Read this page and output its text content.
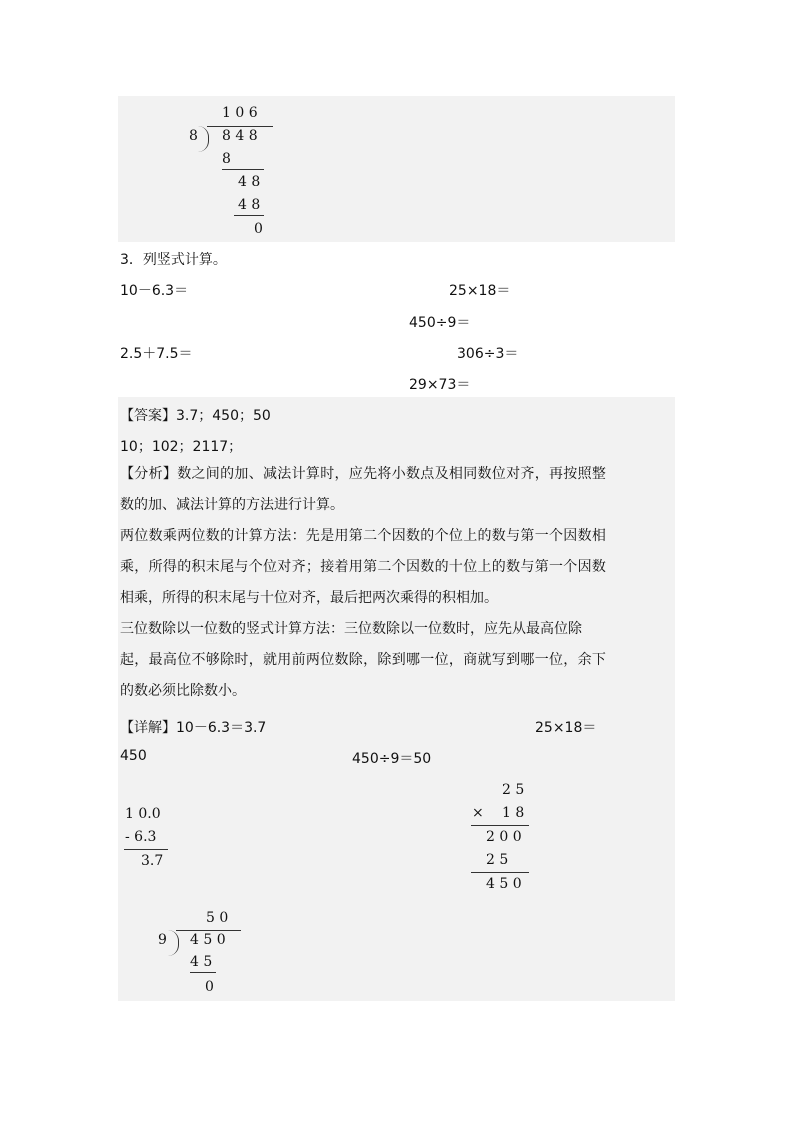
1 0 6
8 8 4 8
8
4 8
4 8
0
3．列竖式计算。
10－6.3＝	25×18＝
450÷9＝
2.5＋7.5＝	306÷3＝
29×73＝
【答案】3.7；450；50
10；102；2117；
【分析】数之间的加、减法计算时，应先将小数点及相同数位对齐，再按照整
数的加、减法计算的方法进行计算。
两位数乘两位数的计算方法：先是用第二个因数的个位上的数与第一个因数相
乘，所得的积末尾与个位对齐；接着用第二个因数的十位上的数与第一个因数
相乘，所得的积末尾与十位对齐，最后把两次乘得的积相加。
三位数除以一位数的竖式计算方法：三位数除以一位数时，应先从最高位除
起，最高位不够除时，就用前两位数除，除到哪一位，商就写到哪一位，余下
的数必须比除数小。
【详解】10－6.3＝3.7	25×18＝
450	450÷9＝50
1 0.0
- 6.3
3.7
2 5
× 1 8
2 0 0
2 5
4 5 0
5 0
9 4 5 0
4 5
0
